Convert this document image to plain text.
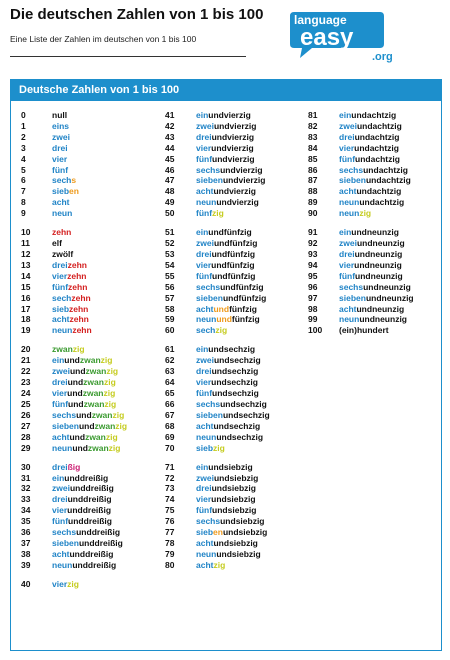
Die deutschen Zahlen von 1 bis 100
Eine Liste der Zahlen im deutschen von 1 bis 100
language
easy
.org
Deutsche Zahlen von 1 bis 100
0	null
1	eins
2	zwei
3	drei
4	vier
5	fünf
6	sechs
7	sieben
8	acht
9	neun
10	zehn
11	elf
12	zwölf
13	dreizehn
14	vierzehn
15	fünfzehn
16	sechzehn
17	siebzehn
18	achtzehn
19	neunzehn
20	zwanzig
21	einundzwanzig
22	zweiundzwanzig
23	dreiundzwanzig
24	vierundzwanzig
25	fünfundzwanzig
26	sechsundzwanzig
27	siebenundzwanzig
28	achtundzwanzig
29	neunundzwanzig
30	dreißig
31	einunddreißig
32	zweiunddreißig
33	dreiunddreißig
34	vierunddreißig
35	fünfunddreißig
36	sechsunddreißig
37	siebenunddreißig
38	achtunddreißig
39	neununddreißig
40	vierzig
41	einundvierzig
42	zweiundvierzig
43	dreiundvierzig
44	vierundvierzig
45	fünfundvierzig
46	sechsundvierzig
47	siebenundvierzig
48	achtundvierzig
49	neunundvierzig
50	fünfzig
51	einundfünfzig
52	zweiundfünfzig
53	dreiundfünfzig
54	vierundfünfzig
55	fünfundfünfzig
56	sechsundfünfzig
57	siebenundfünfzig
58	achtundfünfzig
59	neunundfünfzig
60	sechzig
61	einundsechzig
62	zweiundsechzig
63	dreiundsechzig
64	vierundsechzig
65	fünfundsechzig
66	sechsundsechzig
67	siebenundsechzig
68	achtundsechzig
69	neunundsechzig
70	siebzig
71	einundsiebzig
72	zweiundsiebzig
73	dreiundsiebzig
74	vierundsiebzig
75	fünfundsiebzig
76	sechsundsiebzig
77	siebenundsiebzig
78	achtundsiebzig
79	neunundsiebzig
80	achtzig
81	einundachtzig
82	zweiundachtzig
83	dreiundachtzig
84	vierundachtzig
85	fünfundachtzig
86	sechsundachtzig
87	siebenundachtzig
88	achtundachtzig
89	neunundachtzig
90	neunzig
91	einundneunzig
92	zweiundneunzig
93	dreiundneunzig
94	vierundneunzig
95	fünfundneunzig
96	sechsundneunzig
97	siebenundneunzig
98	achtundneunzig
99	neunundneunzig
100 (ein)hundert
